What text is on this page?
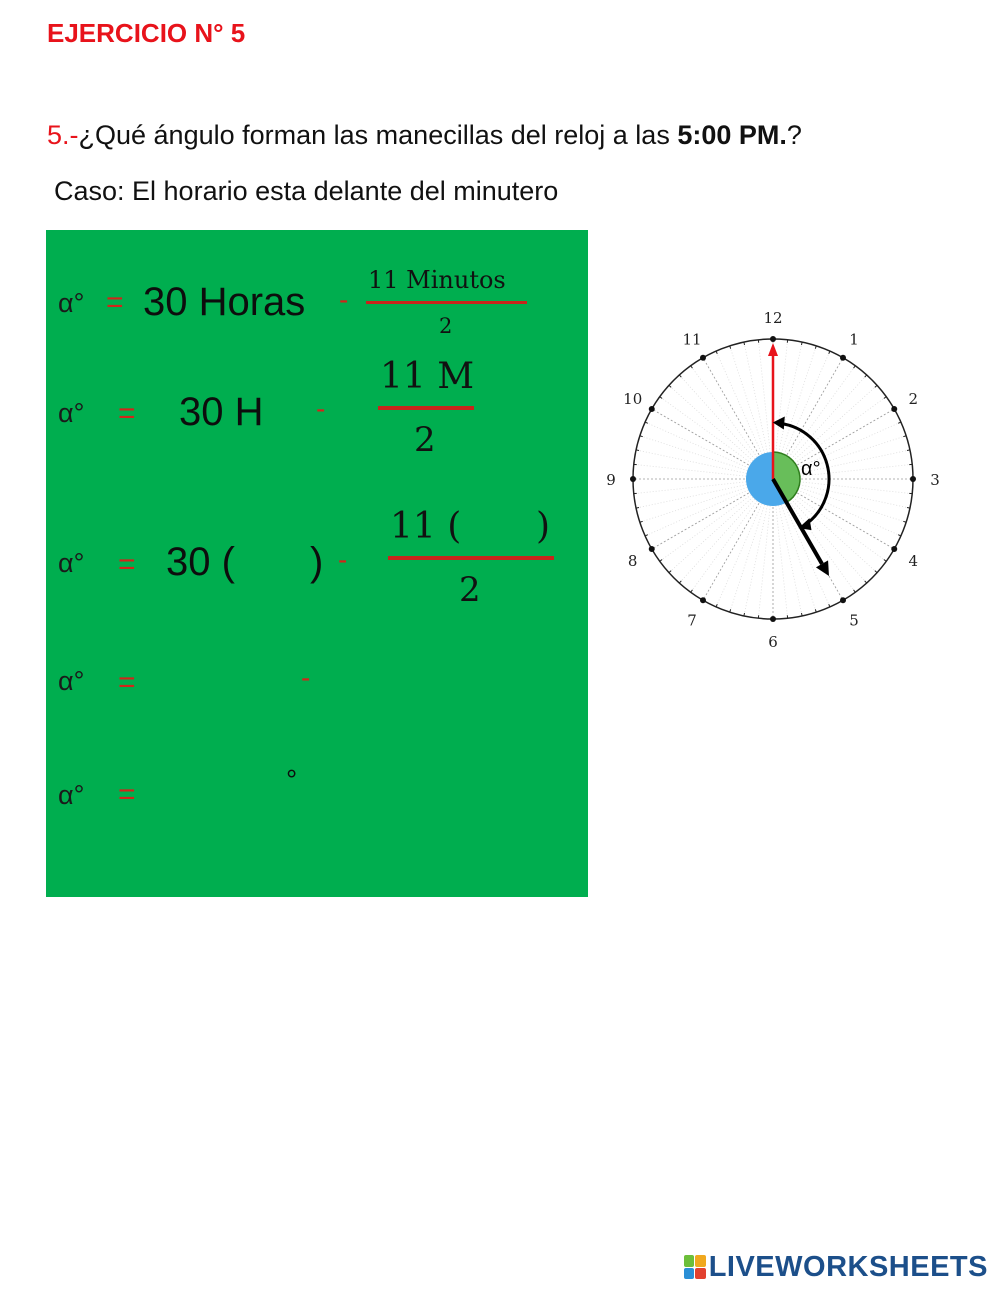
EJERCICIO N° 5
5.-¿Qué ángulo forman las manecillas del reloj a las 5:00 PM.?
Caso: El horario esta delante del minutero
α° = 30 Horas -
11 Minutos
2
α° = 30 H -
11 M
2
α° = 30 ( ) -
11 ( )
2
α° =	-
α° =	°
12
1
2
3
4
5
6
7
8
9
10
11
α°
LIVEWORKSHEETS
